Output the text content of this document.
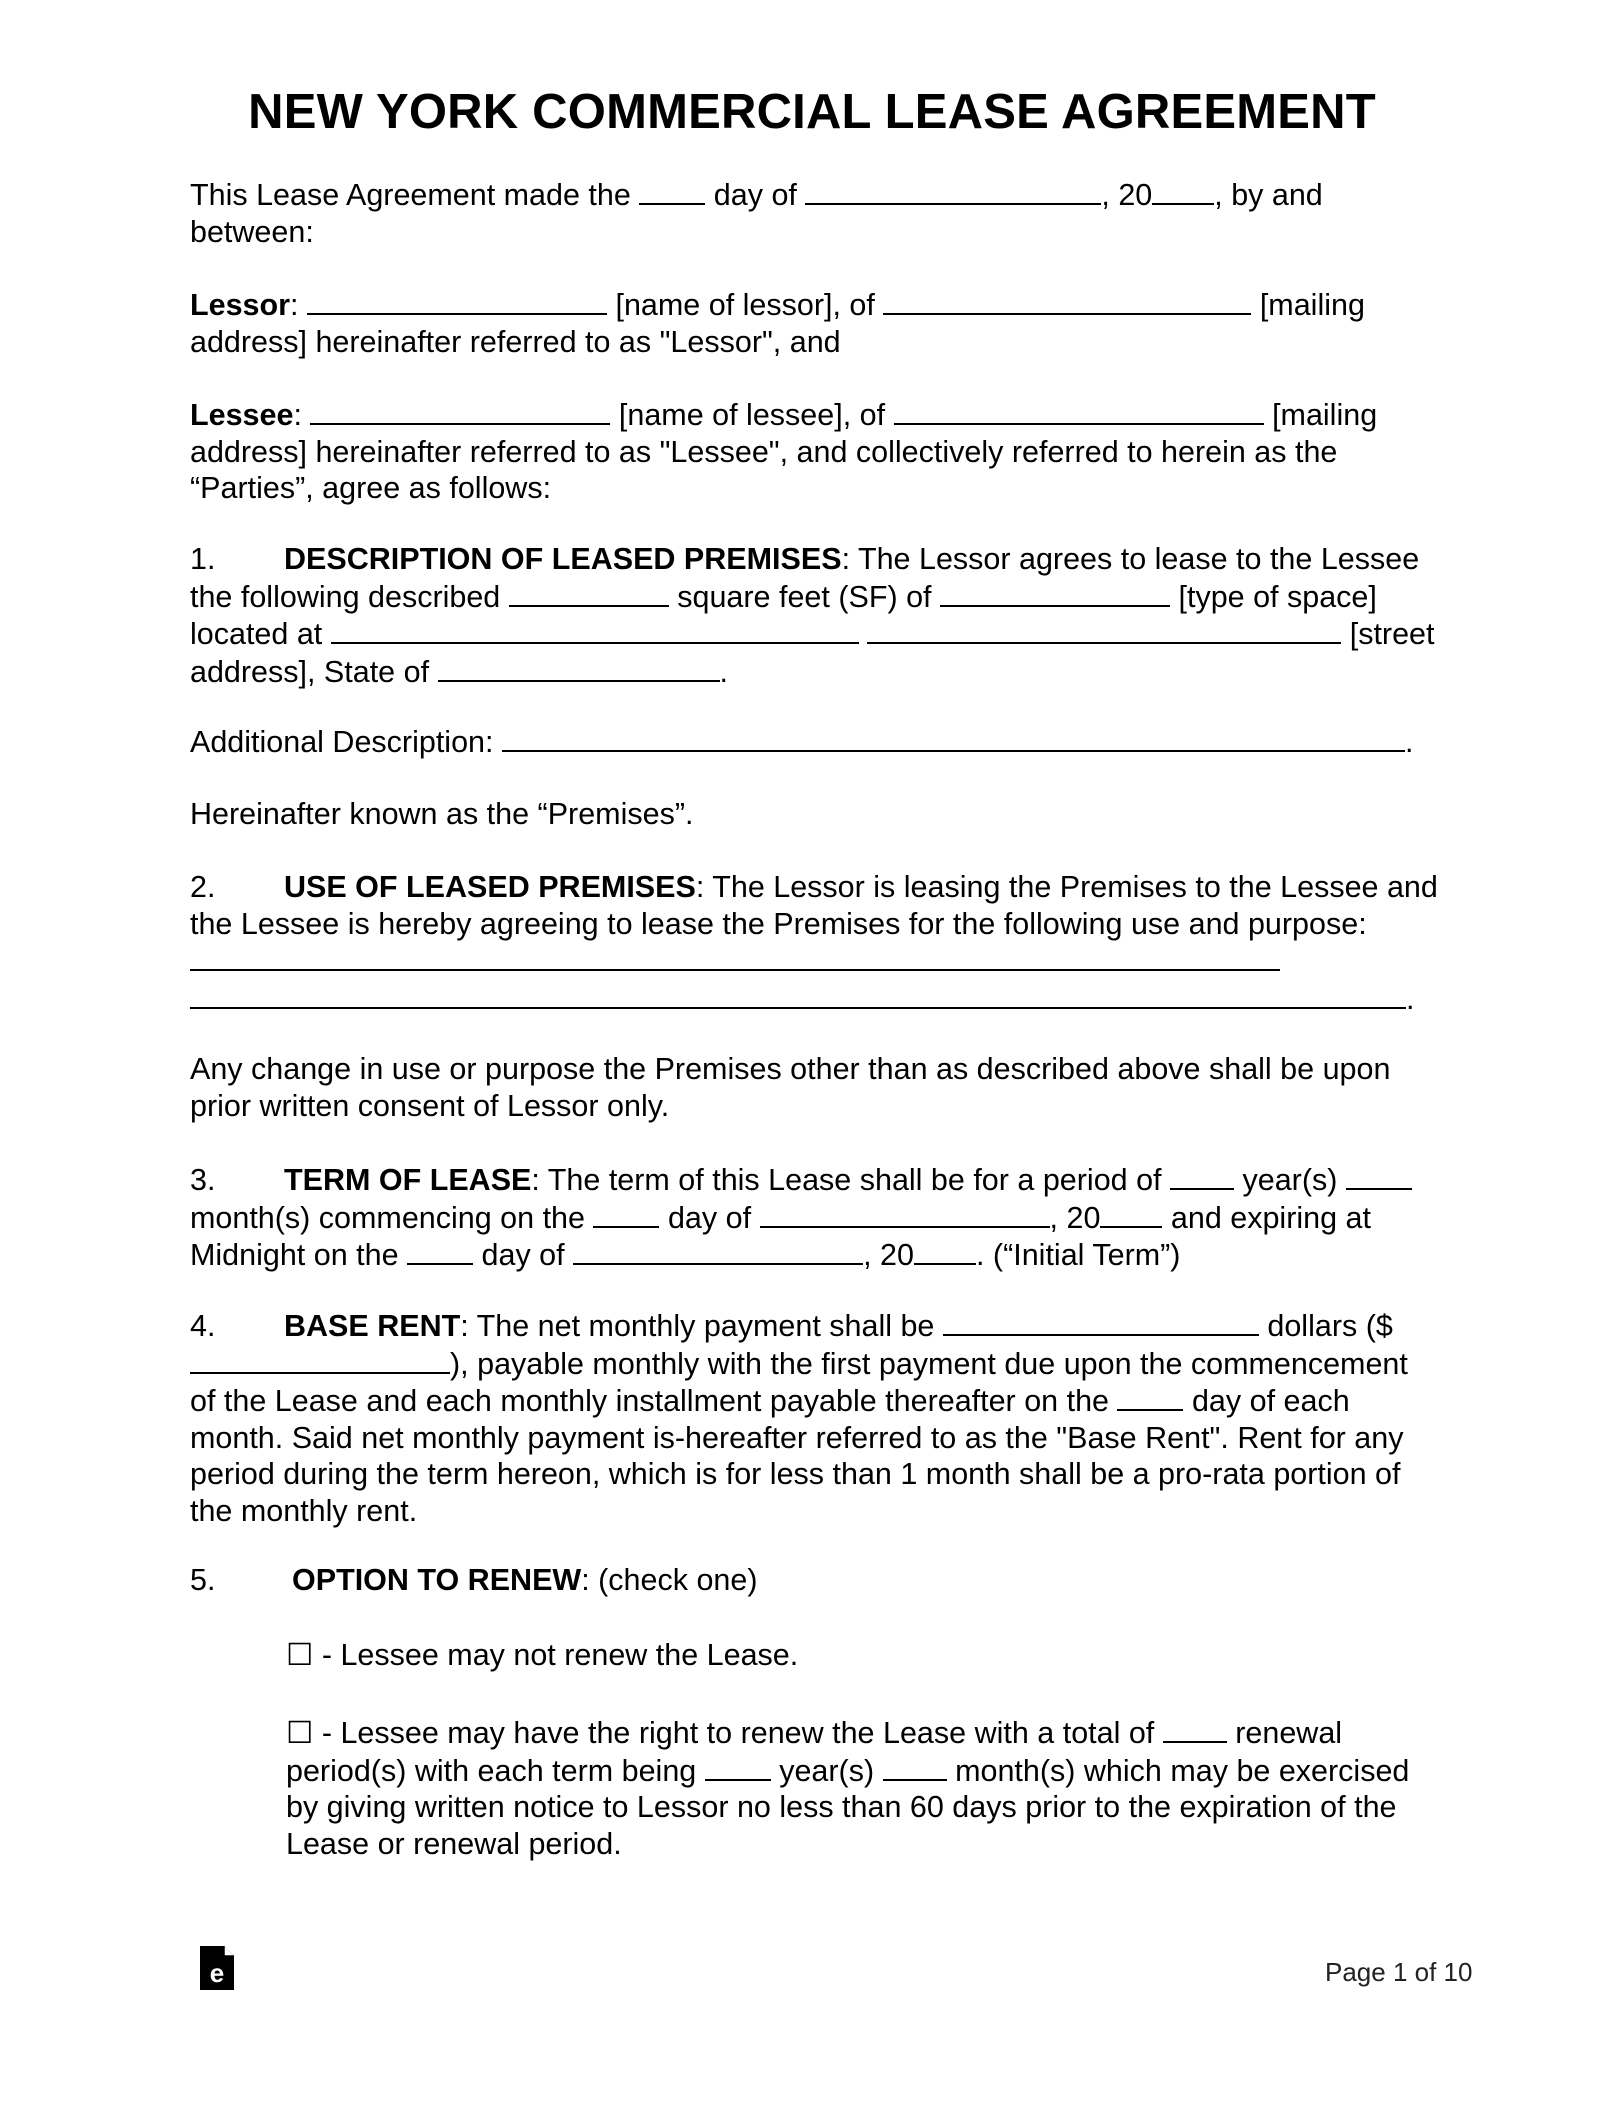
NEW YORK COMMERCIAL LEASE AGREEMENT
This Lease Agreement made the	day of	, 20 , by and between:
Lessor:	[name of lessor], of	[mailing address] hereinafter referred to as "Lessor", and
Lessee:	[name of lessee], of	[mailing address] hereinafter referred to as "Lessee", and collectively referred to herein as the “Parties”, agree as follows:
1. DESCRIPTION OF LEASED PREMISES: The Lessor agrees to lease to the Lessee the following described	square feet (SF) of	[type of space] located at	[street address], State of	.
Additional Description:	.
Hereinafter known as the “Premises”.
2. USE OF LEASED PREMISES: The Lessor is leasing the Premises to the Lessee and the Lessee is hereby agreeing to lease the Premises for the following use and purpose:  .
Any change in use or purpose the Premises other than as described above shall be upon prior written consent of Lessor only.
3. TERM OF LEASE: The term of this Lease shall be for a period of	year(s)  month(s) commencing on the	day of	, 20 and expiring at Midnight on the	day of	, 20 . (“Initial Term”)
4. BASE RENT: The net monthly payment shall be	dollars ($), payable monthly with the first payment due upon the commencement of the Lease and each monthly installment payable thereafter on the	day of each month. Said net monthly payment is-hereafter referred to as the "Base Rent". Rent for any period during the term hereon, which is for less than 1 month shall be a pro-rata portion of the monthly rent.
5.	OPTION TO RENEW: (check one)
☐ - Lessee may not renew the Lease.
☐ - Lessee may have the right to renew the Lease with a total of	renewal period(s) with each term being	year(s)	month(s) which may be exercised by giving written notice to Lessor no less than 60 days prior to the expiration of the Lease or renewal period.
e	Page 1 of 10
